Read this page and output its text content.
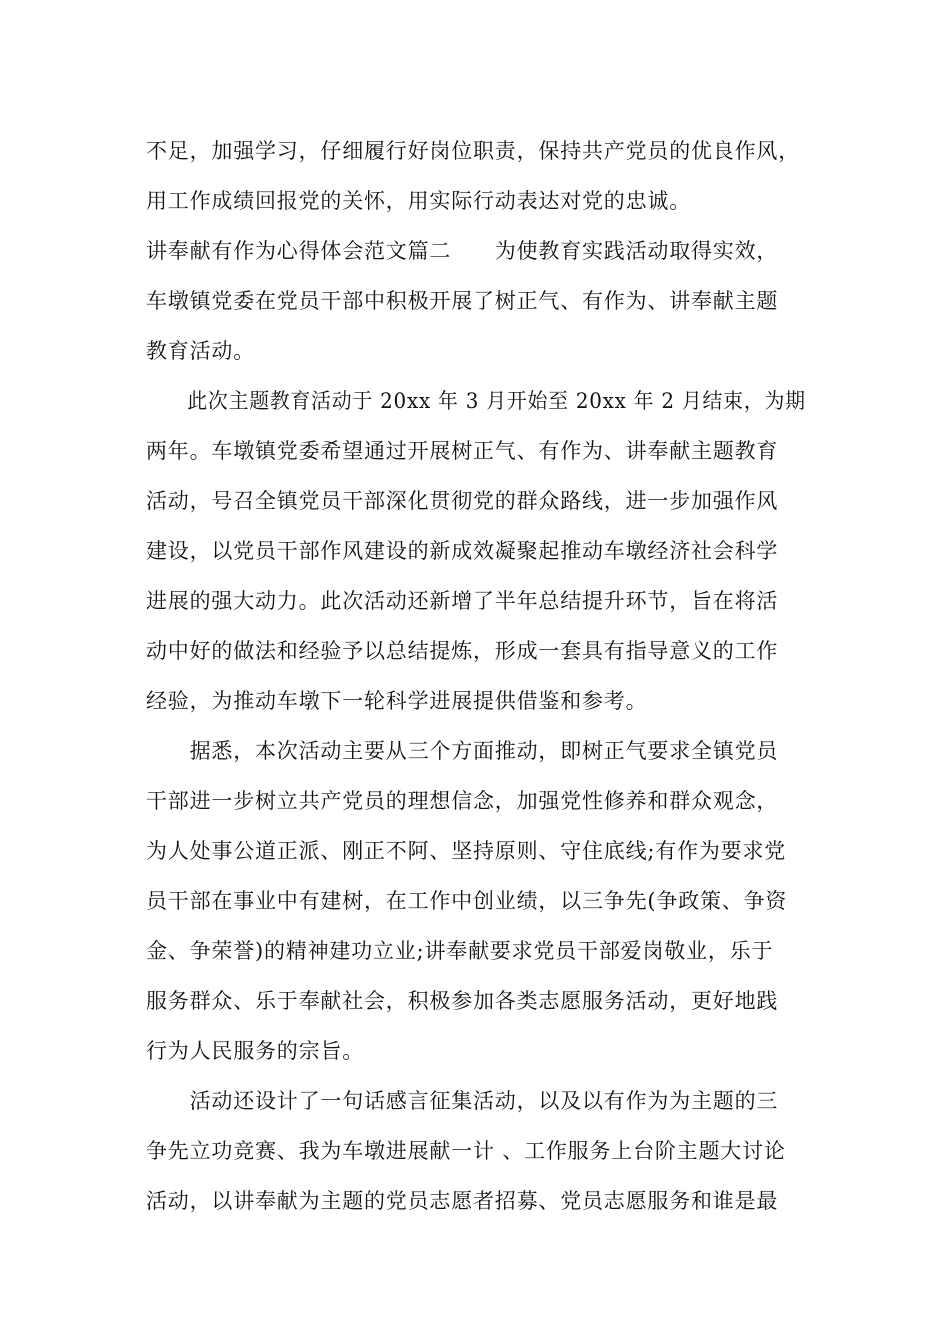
不足，加强学习，仔细履行好岗位职责，保持共产党员的优良作风，
用工作成绩回报党的关怀，用实际行动表达对党的忠诚。
讲奉献有作为心得体会范文篇二　　为使教育实践活动取得实效，
车墩镇党委在党员干部中积极开展了树正气、有作为、讲奉献主题
教育活动。
　　此次主题教育活动于 20xx 年 3 月开始至 20xx 年 2 月结束，为期
两年。车墩镇党委希望通过开展树正气、有作为、讲奉献主题教育
活动，号召全镇党员干部深化贯彻党的群众路线，进一步加强作风
建设，以党员干部作风建设的新成效凝聚起推动车墩经济社会科学
进展的强大动力。此次活动还新增了半年总结提升环节，旨在将活
动中好的做法和经验予以总结提炼，形成一套具有指导意义的工作
经验，为推动车墩下一轮科学进展提供借鉴和参考。
　　据悉，本次活动主要从三个方面推动，即树正气要求全镇党员
干部进一步树立共产党员的理想信念，加强党性修养和群众观念，
为人处事公道正派、刚正不阿、坚持原则、守住底线;有作为要求党
员干部在事业中有建树，在工作中创业绩，以三争先(争政策、争资
金、争荣誉)的精神建功立业;讲奉献要求党员干部爱岗敬业，乐于
服务群众、乐于奉献社会，积极参加各类志愿服务活动，更好地践
行为人民服务的宗旨。
　　活动还设计了一句话感言征集活动，以及以有作为为主题的三
争先立功竞赛、我为车墩进展献一计 、工作服务上台阶主题大讨论
活动，以讲奉献为主题的党员志愿者招募、党员志愿服务和谁是最
